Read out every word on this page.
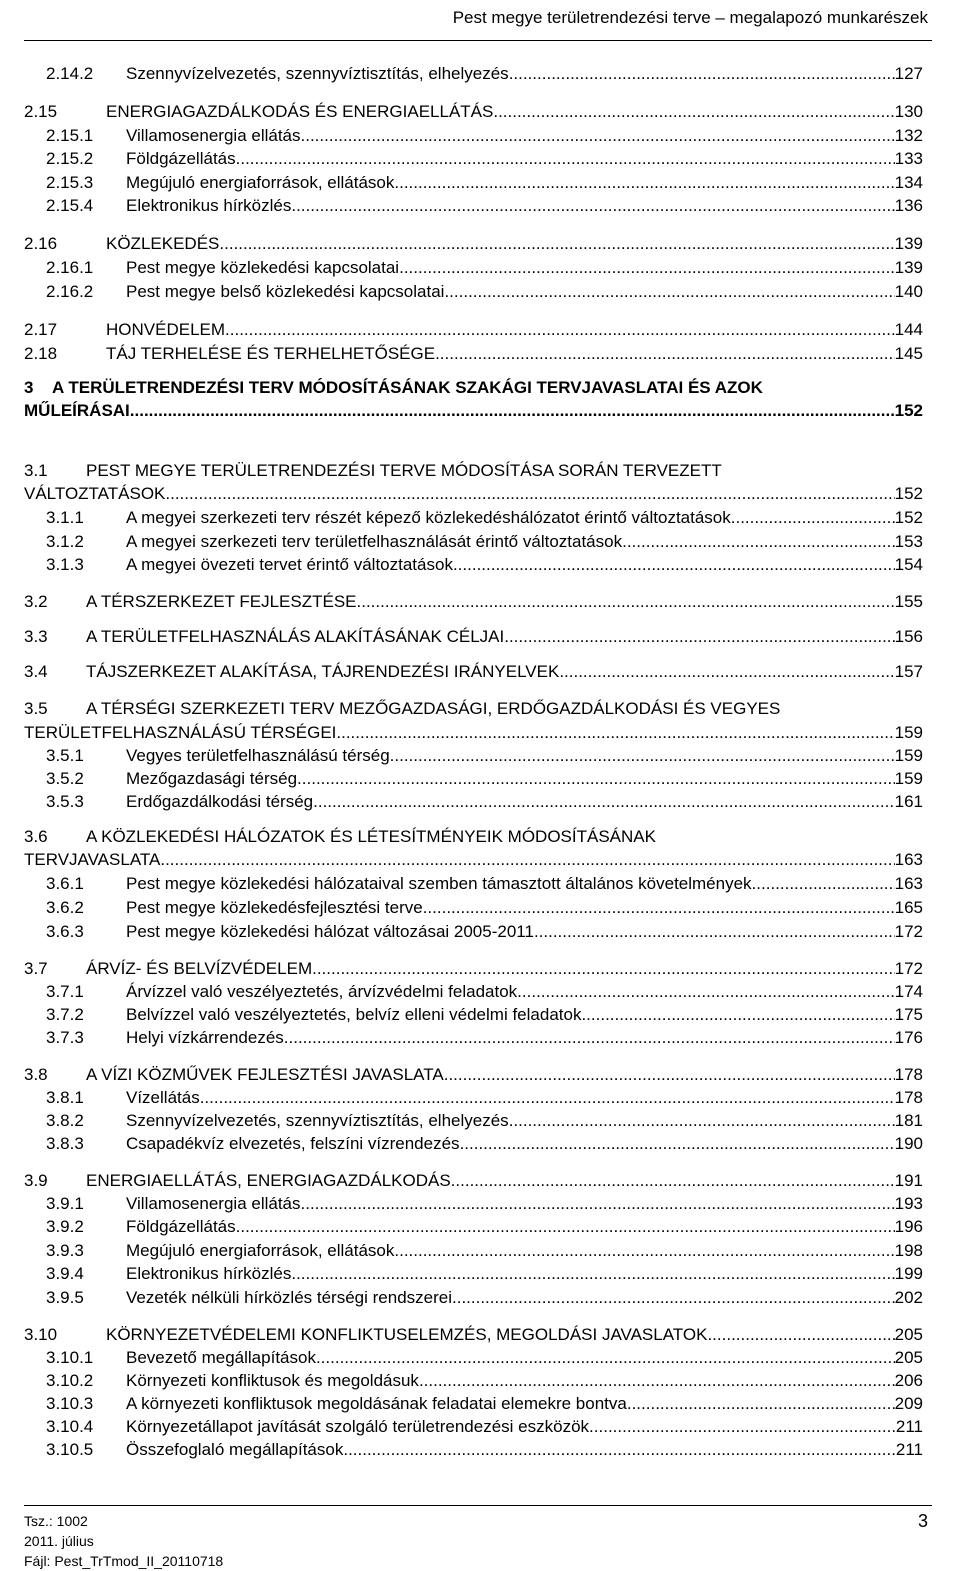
Pest megye területrendezési terve – megalapozó munkarészek
2.14.2 Szennyvízelvezetés, szennyvíztisztítás, elhelyezés .....	127
2.15	ENERGIAGAZDÁLKODÁS ÉS ENERGIAELLÁTÁS .....	130
2.15.1 Villamosenergia ellátás .....	132
2.15.2 Földgázellátás .....	133
2.15.3 Megújuló energiaforrások, ellátások .....	134
2.15.4 Elektronikus hírközlés .....	136
2.16	KÖZLEKEDÉS .....	139
2.16.1 Pest megye közlekedési kapcsolatai .....	139
2.16.2 Pest megye belső közlekedési kapcsolatai .....	140
2.17	HONVÉDELEM .....	144
2.18	TÁJ TERHELÉSE ÉS TERHELHETŐSÉGE .....	145
3 A TERÜLETRENDEZÉSI TERV MÓDOSÍTÁSÁNAK SZAKÁGI TERVJAVASLATAI ÉS AZOK
MŰLEÍRÁSAI .....	152
3.1 PEST MEGYE TERÜLETRENDEZÉSI TERVE MÓDOSÍTÁSA SORÁN TERVEZETT
VÁLTOZTATÁSOK .....	152
3.1.1 A megyei szerkezeti terv részét képező közlekedéshálózatot érintő változtatások .....	152
3.1.2 A megyei szerkezeti terv területfelhasználását érintő változtatások .....	153
3.1.3 A megyei övezeti tervet érintő változtatások .....	154
3.2 A TÉRSZERKEZET FEJLESZTÉSE .....	155
3.3 A TERÜLETFELHASZNÁLÁS ALAKÍTÁSÁNAK CÉLJAI .....	156
3.4 TÁJSZERKEZET ALAKÍTÁSA, TÁJRENDEZÉSI IRÁNYELVEK .....	157
3.5 A TÉRSÉGI SZERKEZETI TERV MEZŐGAZDASÁGI, ERDŐGAZDÁLKODÁSI ÉS VEGYES
TERÜLETFELHASZNÁLÁSÚ TÉRSÉGEI .....	159
3.5.1 Vegyes területfelhasználású térség .....	159
3.5.2 Mezőgazdasági térség .....	159
3.5.3 Erdőgazdálkodási térség .....	161
3.6 A KÖZLEKEDÉSI HÁLÓZATOK ÉS LÉTESÍTMÉNYEIK MÓDOSÍTÁSÁNAK
TERVJAVASLATA .....	163
3.6.1 Pest megye közlekedési hálózataival szemben támasztott általános követelmények .....	163
3.6.2 Pest megye közlekedésfejlesztési terve .....	165
3.6.3 Pest megye közlekedési hálózat változásai 2005-2011 .....	172
3.7 ÁRVÍZ- ÉS BELVÍZVÉDELEM .....	172
3.7.1 Árvízzel való veszélyeztetés, árvízvédelmi feladatok .....	174
3.7.2 Belvízzel való veszélyeztetés, belvíz elleni védelmi feladatok .....	175
3.7.3 Helyi vízkárrendezés .....	176
3.8 A VÍZI KÖZMŰVEK FEJLESZTÉSI JAVASLATA .....	178
3.8.1 Vízellátás .....	178
3.8.2 Szennyvízelvezetés, szennyvíztisztítás, elhelyezés .....	181
3.8.3 Csapadékvíz elvezetés, felszíni vízrendezés .....	190
3.9 ENERGIAELLÁTÁS, ENERGIAGAZDÁLKODÁS .....	191
3.9.1 Villamosenergia ellátás .....	193
3.9.2 Földgázellátás .....	196
3.9.3 Megújuló energiaforrások, ellátások .....	198
3.9.4 Elektronikus hírközlés .....	199
3.9.5 Vezeték nélküli hírközlés térségi rendszerei .....	202
3.10	KÖRNYEZETVÉDELEMI KONFLIKTUSELEMZÉS, MEGOLDÁSI JAVASLATOK .....	205
3.10.1 Bevezető megállapítások .....	205
3.10.2 Környezeti konfliktusok és megoldásuk .....	206
3.10.3 A környezeti konfliktusok megoldásának feladatai elemekre bontva .....	209
3.10.4 Környezetállapot javítását szolgáló területrendezési eszközök .....	211
3.10.5 Összefoglaló megállapítások .....	211
Tsz.: 1002
2011. július
Fájl: Pest_TrTmod_II_20110718
3
